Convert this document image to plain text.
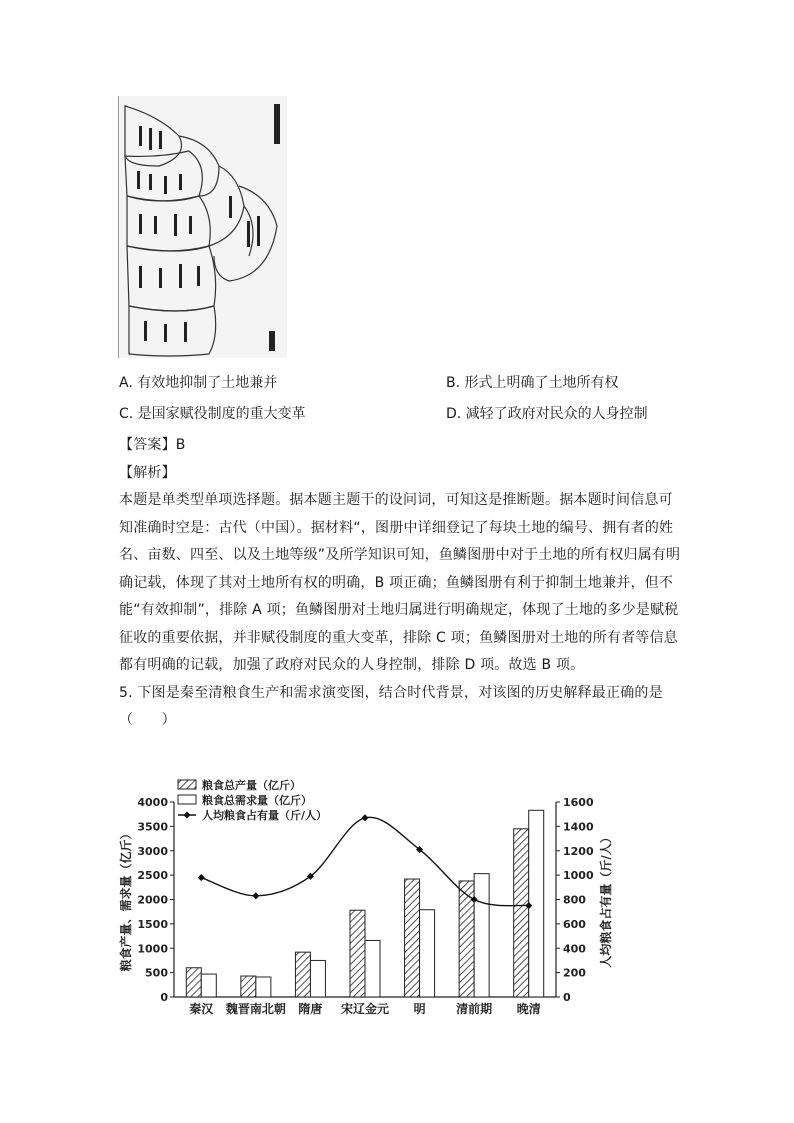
A. 有效地抑制了土地兼并	B. 形式上明确了土地所有权
C. 是国家赋役制度的重大变革	D. 减轻了政府对民众的人身控制
【答案】B
【解析】
本题是单类型单项选择题。据本题主题干的设问词，可知这是推断题。据本题时间信息可
知准确时空是：古代（中国）。据材料“，图册中详细登记了每块土地的编号、拥有者的姓
名、亩数、四至、以及土地等级”及所学知识可知，鱼鳞图册中对于土地的所有权归属有明
确记载，体现了其对土地所有权的明确，B 项正确；鱼鳞图册有利于抑制土地兼并，但不
能“有效抑制”，排除 A 项；鱼鳞图册对土地归属进行明确规定，体现了土地的多少是赋税
征收的重要依据，并非赋役制度的重大变革，排除 C 项；鱼鳞图册对土地的所有者等信息
都有明确的记载，加强了政府对民众的人身控制，排除 D 项。故选 B 项。
5. 下图是秦至清粮食生产和需求演变图，结合时代背景，对该图的历史解释最正确的是
（　　）
0
500
1000
1500
2000
2500
3000
3500
4000
0
200
400
600
800
1000
1200
1400
1600
秦汉 魏晋南北朝 隋唐 宋辽金元 明	清前期 晚清
粮食产量、需求量（亿斤）	人均粮食占有量（斤/人）
粮食总产量（亿斤）
粮食总需求量（亿斤）
人均粮食占有量（斤/人）
